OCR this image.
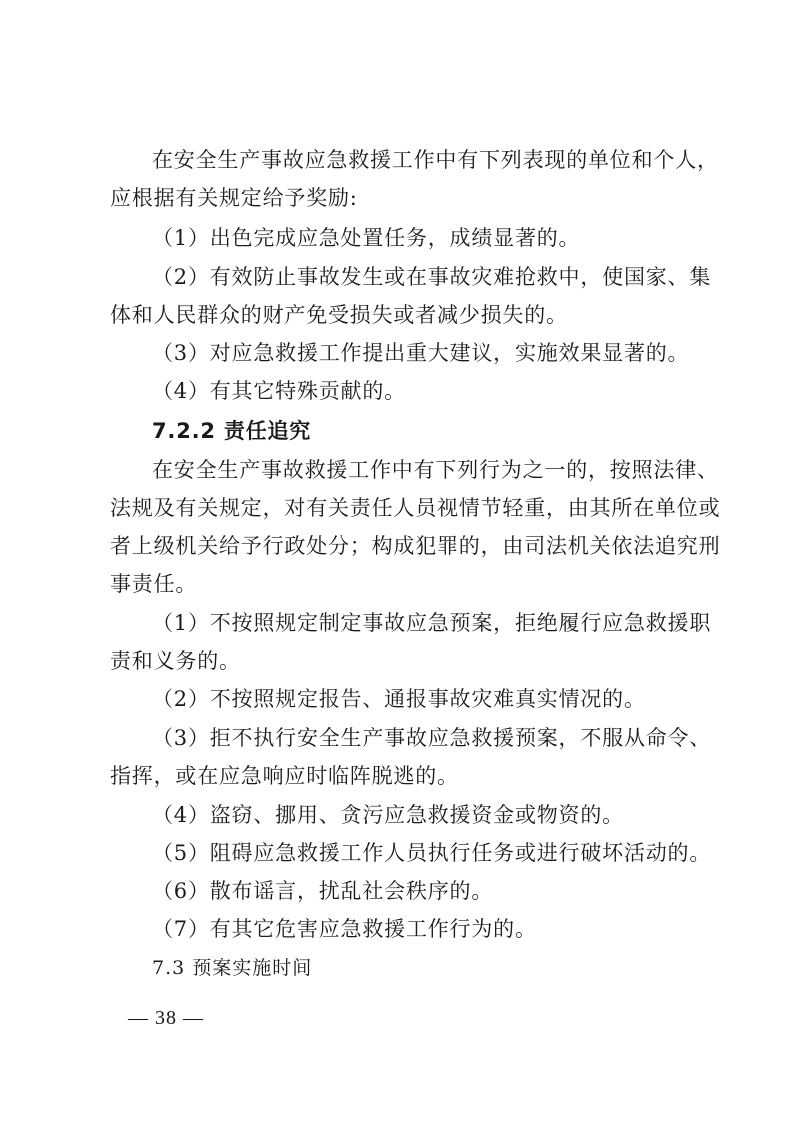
在安全生产事故应急救援工作中有下列表现的单位和个人，
应根据有关规定给予奖励:
（1）出色完成应急处置任务，成绩显著的。
（2）有效防止事故发生或在事故灾难抢救中，使国家、集
体和人民群众的财产免受损失或者减少损失的。
（3）对应急救援工作提出重大建议，实施效果显著的。
（4）有其它特殊贡献的。
7.2.2 责任追究
在安全生产事故救援工作中有下列行为之一的，按照法律、
法规及有关规定，对有关责任人员视情节轻重，由其所在单位或
者上级机关给予行政处分；构成犯罪的，由司法机关依法追究刑
事责任。
（1）不按照规定制定事故应急预案，拒绝履行应急救援职
责和义务的。
（2）不按照规定报告、通报事故灾难真实情况的。
（3）拒不执行安全生产事故应急救援预案，不服从命令、
指挥，或在应急响应时临阵脱逃的。
（4）盗窃、挪用、贪污应急救援资金或物资的。
（5）阻碍应急救援工作人员执行任务或进行破坏活动的。
（6）散布谣言，扰乱社会秩序的。
（7）有其它危害应急救援工作行为的。
7.3 预案实施时间
— 38 —
